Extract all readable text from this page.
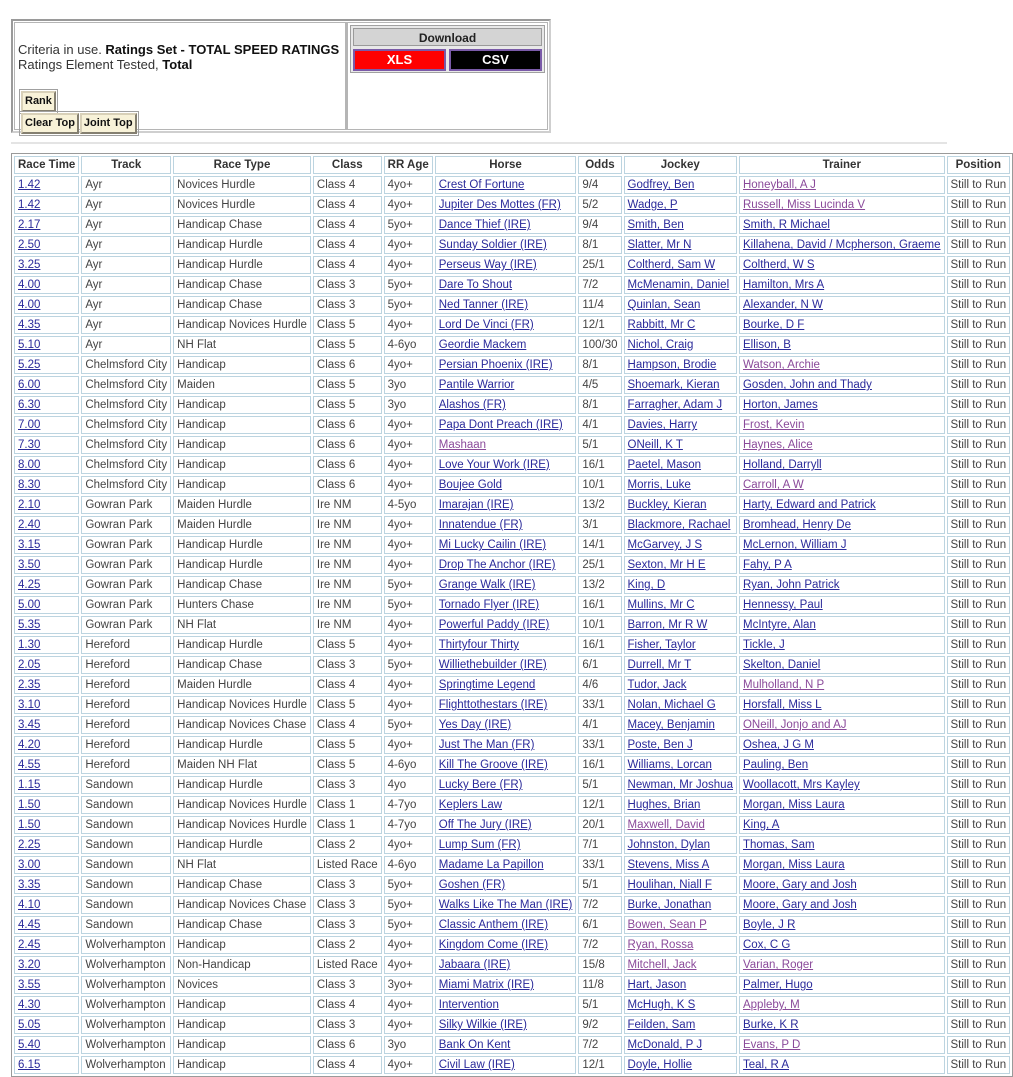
Criteria in use. Ratings Set - TOTAL SPEED RATINGS
Ratings Element Tested, Total
Rank
Clear Top Joint Top
Download
XLS	CSV
Race Time	Track	Race Type	Class	RR Age	Horse	Odds	Jockey	Trainer	Position
1.42	Ayr	Novices Hurdle	Class 4	4yo+	Crest Of Fortune	9/4	Godfrey, Ben	Honeyball, A J	Still to Run
1.42	Ayr	Novices Hurdle	Class 4	4yo+	Jupiter Des Mottes (FR)	5/2	Wadge, P	Russell, Miss Lucinda V	Still to Run
2.17	Ayr	Handicap Chase	Class 4	5yo+	Dance Thief (IRE)	9/4	Smith, Ben	Smith, R Michael	Still to Run
2.50	Ayr	Handicap Hurdle	Class 4	4yo+	Sunday Soldier (IRE)	8/1	Slatter, Mr N	Killahena, David / Mcpherson, Graeme	Still to Run
3.25	Ayr	Handicap Hurdle	Class 4	4yo+	Perseus Way (IRE)	25/1	Coltherd, Sam W	Coltherd, W S	Still to Run
4.00	Ayr	Handicap Chase	Class 3	5yo+	Dare To Shout	7/2	McMenamin, Daniel	Hamilton, Mrs A	Still to Run
4.00	Ayr	Handicap Chase	Class 3	5yo+	Ned Tanner (IRE)	11/4	Quinlan, Sean	Alexander, N W	Still to Run
4.35	Ayr	Handicap Novices Hurdle	Class 5	4yo+	Lord De Vinci (FR)	12/1	Rabbitt, Mr C	Bourke, D F	Still to Run
5.10	Ayr	NH Flat	Class 5	4-6yo	Geordie Mackem	100/30	Nichol, Craig	Ellison, B	Still to Run
5.25	Chelmsford City	Handicap	Class 6	4yo+	Persian Phoenix (IRE)	8/1	Hampson, Brodie	Watson, Archie	Still to Run
6.00	Chelmsford City	Maiden	Class 5	3yo	Pantile Warrior	4/5	Shoemark, Kieran	Gosden, John and Thady	Still to Run
6.30	Chelmsford City	Handicap	Class 5	3yo	Alashos (FR)	8/1	Farragher, Adam J	Horton, James	Still to Run
7.00	Chelmsford City	Handicap	Class 6	4yo+	Papa Dont Preach (IRE)	4/1	Davies, Harry	Frost, Kevin	Still to Run
7.30	Chelmsford City	Handicap	Class 6	4yo+	Mashaan	5/1	ONeill, K T	Haynes, Alice	Still to Run
8.00	Chelmsford City	Handicap	Class 6	4yo+	Love Your Work (IRE)	16/1	Paetel, Mason	Holland, Darryll	Still to Run
8.30	Chelmsford City	Handicap	Class 6	4yo+	Boujee Gold	10/1	Morris, Luke	Carroll, A W	Still to Run
2.10	Gowran Park	Maiden Hurdle	Ire NM	4-5yo	Imarajan (IRE)	13/2	Buckley, Kieran	Harty, Edward and Patrick	Still to Run
2.40	Gowran Park	Maiden Hurdle	Ire NM	4yo+	Innatendue (FR)	3/1	Blackmore, Rachael	Bromhead, Henry De	Still to Run
3.15	Gowran Park	Handicap Hurdle	Ire NM	4yo+	Mi Lucky Cailin (IRE)	14/1	McGarvey, J S	McLernon, William J	Still to Run
3.50	Gowran Park	Handicap Hurdle	Ire NM	4yo+	Drop The Anchor (IRE)	25/1	Sexton, Mr H E	Fahy, P A	Still to Run
4.25	Gowran Park	Handicap Chase	Ire NM	5yo+	Grange Walk (IRE)	13/2	King, D	Ryan, John Patrick	Still to Run
5.00	Gowran Park	Hunters Chase	Ire NM	5yo+	Tornado Flyer (IRE)	16/1	Mullins, Mr C	Hennessy, Paul	Still to Run
5.35	Gowran Park	NH Flat	Ire NM	4yo+	Powerful Paddy (IRE)	10/1	Barron, Mr R W	McIntyre, Alan	Still to Run
1.30	Hereford	Handicap Hurdle	Class 5	4yo+	Thirtyfour Thirty	16/1	Fisher, Taylor	Tickle, J	Still to Run
2.05	Hereford	Handicap Chase	Class 3	5yo+	Williethebuilder (IRE)	6/1	Durrell, Mr T	Skelton, Daniel	Still to Run
2.35	Hereford	Maiden Hurdle	Class 4	4yo+	Springtime Legend	4/6	Tudor, Jack	Mulholland, N P	Still to Run
3.10	Hereford	Handicap Novices Hurdle	Class 5	4yo+	Flighttothestars (IRE)	33/1	Nolan, Michael G	Horsfall, Miss L	Still to Run
3.45	Hereford	Handicap Novices Chase	Class 4	5yo+	Yes Day (IRE)	4/1	Macey, Benjamin	ONeill, Jonjo and AJ	Still to Run
4.20	Hereford	Handicap Hurdle	Class 5	4yo+	Just The Man (FR)	33/1	Poste, Ben J	Oshea, J G M	Still to Run
4.55	Hereford	Maiden NH Flat	Class 5	4-6yo	Kill The Groove (IRE)	16/1	Williams, Lorcan	Pauling, Ben	Still to Run
1.15	Sandown	Handicap Hurdle	Class 3	4yo	Lucky Bere (FR)	5/1	Newman, Mr Joshua	Woollacott, Mrs Kayley	Still to Run
1.50	Sandown	Handicap Novices Hurdle	Class 1	4-7yo	Keplers Law	12/1	Hughes, Brian	Morgan, Miss Laura	Still to Run
1.50	Sandown	Handicap Novices Hurdle	Class 1	4-7yo	Off The Jury (IRE)	20/1	Maxwell, David	King, A	Still to Run
2.25	Sandown	Handicap Hurdle	Class 2	4yo+	Lump Sum (FR)	7/1	Johnston, Dylan	Thomas, Sam	Still to Run
3.00	Sandown	NH Flat	Listed Race	4-6yo	Madame La Papillon	33/1	Stevens, Miss A	Morgan, Miss Laura	Still to Run
3.35	Sandown	Handicap Chase	Class 3	5yo+	Goshen (FR)	5/1	Houlihan, Niall F	Moore, Gary and Josh	Still to Run
4.10	Sandown	Handicap Novices Chase	Class 3	5yo+	Walks Like The Man (IRE)	7/2	Burke, Jonathan	Moore, Gary and Josh	Still to Run
4.45	Sandown	Handicap Chase	Class 3	5yo+	Classic Anthem (IRE)	6/1	Bowen, Sean P	Boyle, J R	Still to Run
2.45	Wolverhampton	Handicap	Class 2	4yo+	Kingdom Come (IRE)	7/2	Ryan, Rossa	Cox, C G	Still to Run
3.20	Wolverhampton	Non-Handicap	Listed Race	4yo+	Jabaara (IRE)	15/8	Mitchell, Jack	Varian, Roger	Still to Run
3.55	Wolverhampton	Novices	Class 3	3yo+	Miami Matrix (IRE)	11/8	Hart, Jason	Palmer, Hugo	Still to Run
4.30	Wolverhampton	Handicap	Class 4	4yo+	Intervention	5/1	McHugh, K S	Appleby, M	Still to Run
5.05	Wolverhampton	Handicap	Class 3	4yo+	Silky Wilkie (IRE)	9/2	Feilden, Sam	Burke, K R	Still to Run
5.40	Wolverhampton	Handicap	Class 6	3yo	Bank On Kent	7/2	McDonald, P J	Evans, P D	Still to Run
6.15	Wolverhampton	Handicap	Class 4	4yo+	Civil Law (IRE)	12/1	Doyle, Hollie	Teal, R A	Still to Run
